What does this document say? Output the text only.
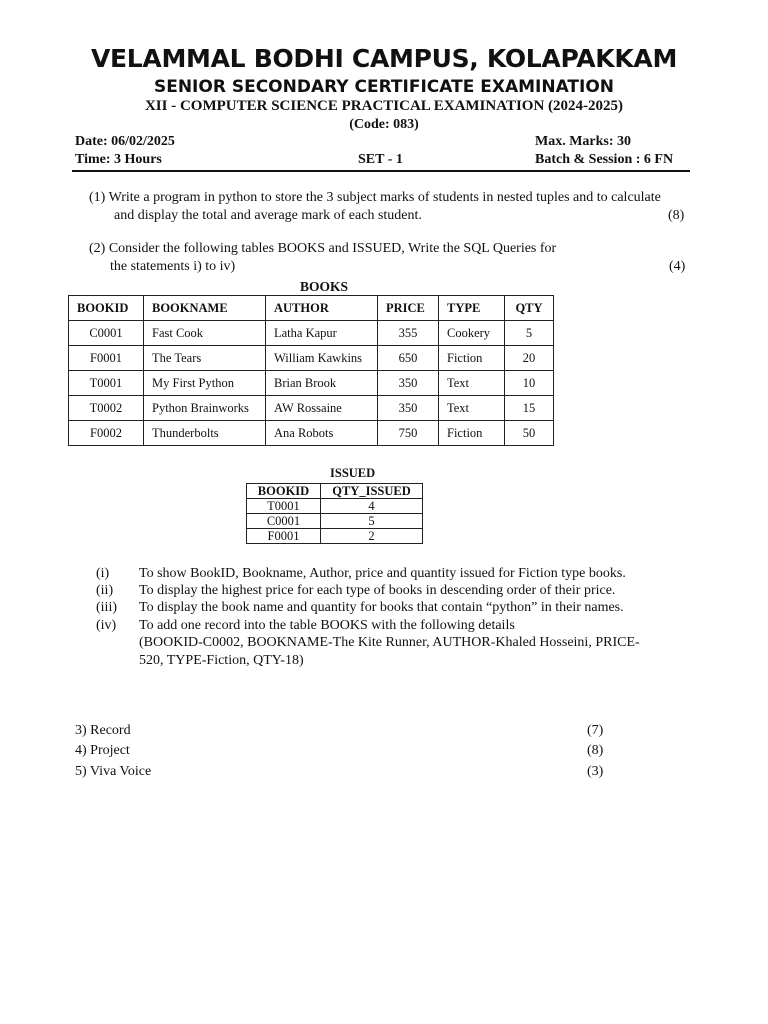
VELAMMAL BODHI CAMPUS, KOLAPAKKAM
SENIOR SECONDARY CERTIFICATE EXAMINATION
XII - COMPUTER SCIENCE PRACTICAL EXAMINATION (2024-2025)
(Code: 083)
Date: 06/02/2025	Max. Marks: 30
Time: 3 Hours	SET - 1	Batch & Session : 6 FN
(1) Write a program in python to store the 3 subject marks of students in nested tuples and to calculate
and display the total and average mark of each student.	(8)
(2) Consider the following tables BOOKS and ISSUED, Write the SQL Queries for
the statements i) to iv)	(4)
BOOKS
BOOKID	BOOKNAME	AUTHOR	PRICE	TYPE	QTY
C0001	Fast Cook	Latha Kapur	355	Cookery	5
F0001	The Tears	William Kawkins	650	Fiction	20
T0001	My First Python	Brian Brook	350	Text	10
T0002	Python Brainworks	AW Rossaine	350	Text	15
F0002	Thunderbolts	Ana Robots	750	Fiction	50
ISSUED
BOOKID	QTY_ISSUED
T0001	4
C0001	5
F0001	2
(i) To show BookID, Bookname, Author, price and quantity issued for Fiction type books.
(ii) To display the highest price for each type of books in descending order of their price.
(iii) To display the book name and quantity for books that contain “python” in their names.
(iv) To add one record into the table BOOKS with the following details
(BOOKID-C0002, BOOKNAME-The Kite Runner, AUTHOR-Khaled Hosseini, PRICE-
520, TYPE-Fiction, QTY-18)
3) Record	(7)
4) Project	(8)
5) Viva Voice	(3)
